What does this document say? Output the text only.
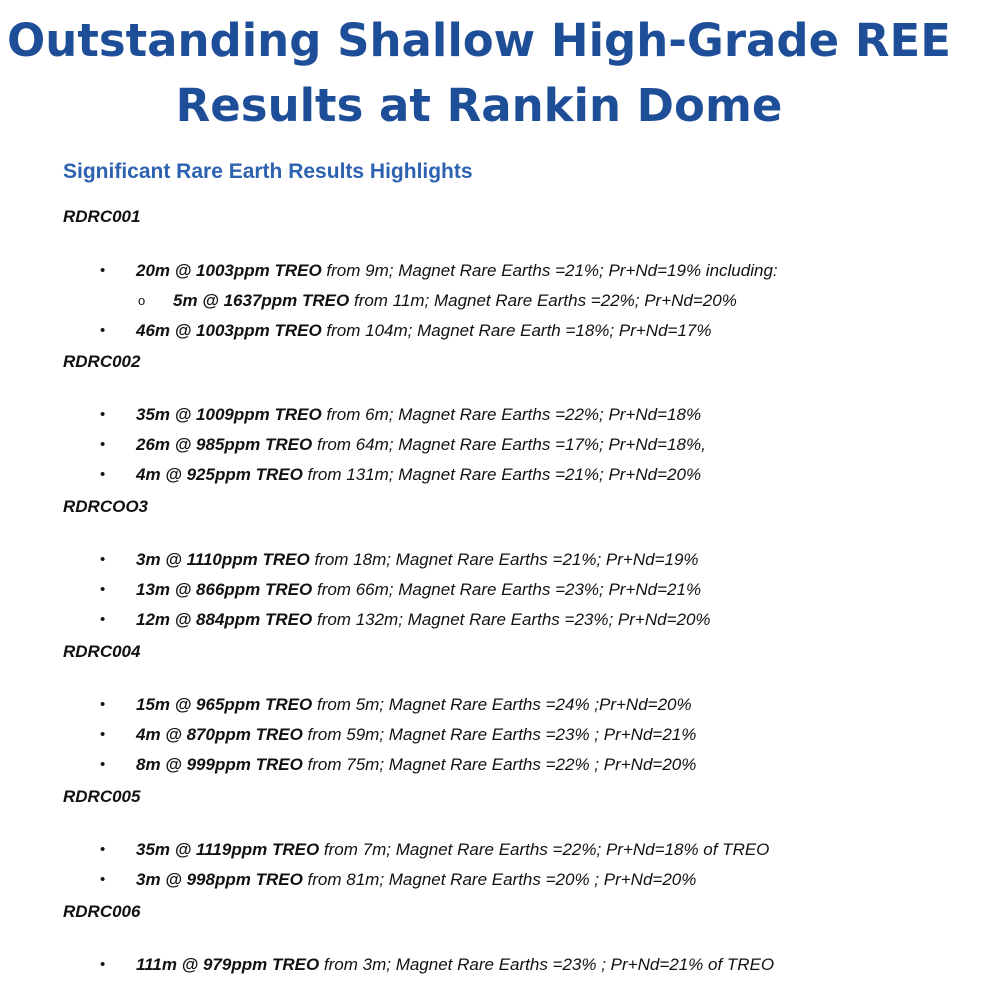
Outstanding Shallow High-Grade REE
Results at Rankin Dome
Significant Rare Earth Results Highlights

RDRC001

• 20m @ 1003ppm TREO from 9m; Magnet Rare Earths =21%; Pr+Nd=19% including:
o 5m @ 1637ppm TREO from 11m; Magnet Rare Earths =22%; Pr+Nd=20%
• 46m @ 1003ppm TREO from 104m; Magnet Rare Earth =18%; Pr+Nd=17%

RDRC002

• 35m @ 1009ppm TREO from 6m; Magnet Rare Earths =22%; Pr+Nd=18%
• 26m @ 985ppm TREO from 64m; Magnet Rare Earths =17%; Pr+Nd=18%,
• 4m @ 925ppm TREO from 131m; Magnet Rare Earths =21%; Pr+Nd=20%

RDRCOO3

• 3m @ 1110ppm TREO from 18m; Magnet Rare Earths =21%; Pr+Nd=19%
• 13m @ 866ppm TREO from 66m; Magnet Rare Earths =23%; Pr+Nd=21%
• 12m @ 884ppm TREO from 132m; Magnet Rare Earths =23%; Pr+Nd=20%

RDRC004

• 15m @ 965ppm TREO from 5m; Magnet Rare Earths =24% ;Pr+Nd=20%
• 4m @ 870ppm TREO from 59m; Magnet Rare Earths =23% ; Pr+Nd=21%
• 8m @ 999ppm TREO from 75m; Magnet Rare Earths =22% ; Pr+Nd=20%

RDRC005

• 35m @ 1119ppm TREO from 7m; Magnet Rare Earths =22%; Pr+Nd=18% of TREO
• 3m @ 998ppm TREO from 81m; Magnet Rare Earths =20% ; Pr+Nd=20%

RDRC006

• 111m @ 979ppm TREO from 3m; Magnet Rare Earths =23% ; Pr+Nd=21% of TREO
